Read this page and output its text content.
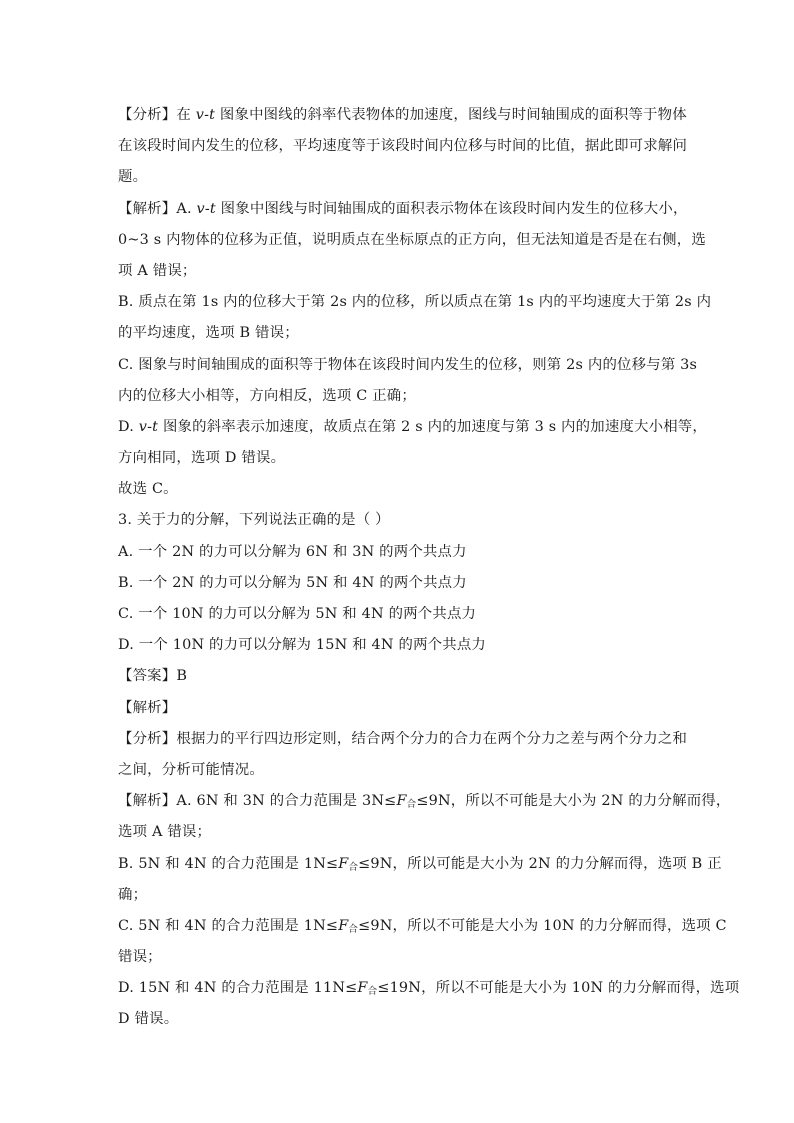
【分析】在 v-t 图象中图线的斜率代表物体的加速度，图线与时间轴围成的面积等于物体
在该段时间内发生的位移，平均速度等于该段时间内位移与时间的比值，据此即可求解问
题。
【解析】A. v-t 图象中图线与时间轴围成的面积表示物体在该段时间内发生的位移大小，
0~3 s 内物体的位移为正值，说明质点在坐标原点的正方向，但无法知道是否是在右侧，选
项 A 错误；
B. 质点在第 1s 内的位移大于第 2s 内的位移，所以质点在第 1s 内的平均速度大于第 2s 内
的平均速度，选项 B 错误；
C. 图象与时间轴围成的面积等于物体在该段时间内发生的位移，则第 2s 内的位移与第 3s
内的位移大小相等，方向相反，选项 C 正确；
D. v-t 图象的斜率表示加速度，故质点在第 2 s 内的加速度与第 3 s 内的加速度大小相等，
方向相同，选项 D 错误。
故选 C。
3. 关于力的分解，下列说法正确的是（ ）
A. 一个 2N 的力可以分解为 6N 和 3N 的两个共点力
B. 一个 2N 的力可以分解为 5N 和 4N 的两个共点力
C. 一个 10N 的力可以分解为 5N 和 4N 的两个共点力
D. 一个 10N 的力可以分解为 15N 和 4N 的两个共点力
【答案】B
【解析】
【分析】根据力的平行四边形定则，结合两个分力的合力在两个分力之差与两个分力之和
之间，分析可能情况。
【解析】A. 6N 和 3N 的合力范围是 $3N\le F_合\le 9N$，所以不可能是大小为 2N 的力分解而得，
选项 A 错误；
B. 5N 和 4N 的合力范围是 $1N\le F_合\le 9N$，所以可能是大小为 2N 的力分解而得，选项 B 正
确；
C. 5N 和 4N 的合力范围是 $1N\le F_合\le 9N$，所以不可能是大小为 10N 的力分解而得，选项 C
错误；
D. 15N 和 4N 的合力范围是 $11N\le F_合\le 19N$，所以不可能是大小为 10N 的力分解而得，选项
D 错误。
